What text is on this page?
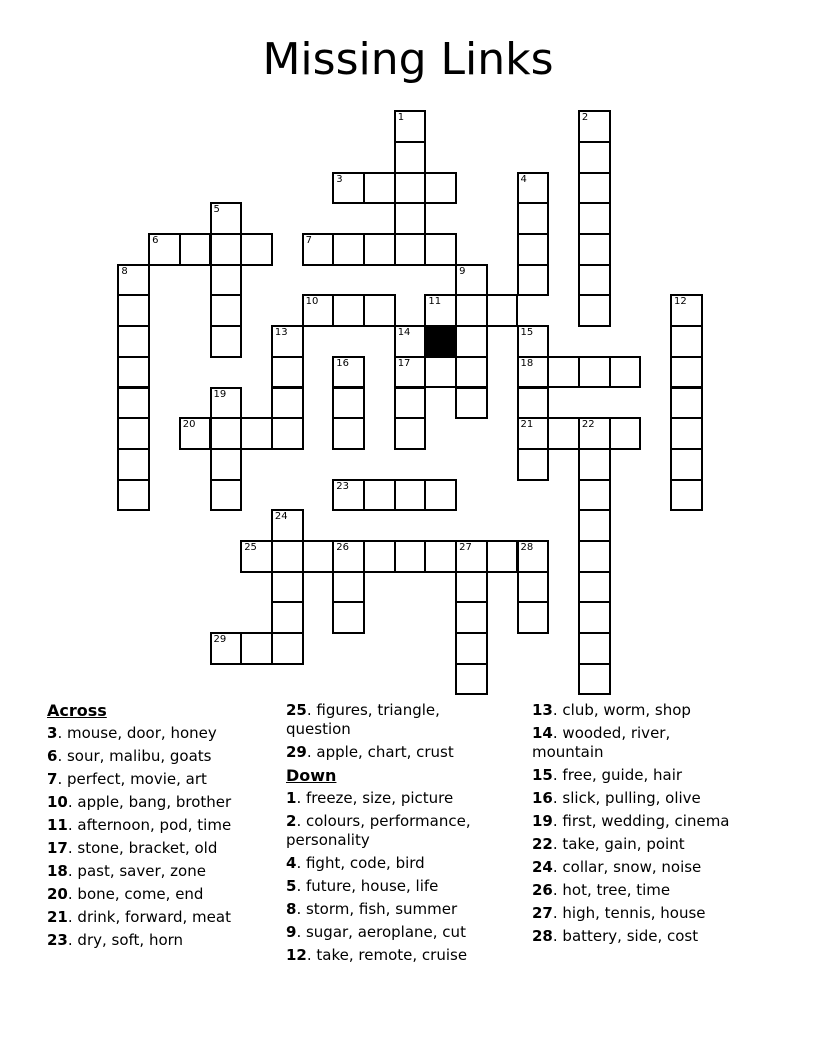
Missing Links
1	2
3	4
5
6	7
8	9
10	11	12
13	14	15
16	17	18
19
20	21	22
23
24
25	26	27	28
29
Across
3. mouse, door, honey
6. sour, malibu, goats
7. perfect, movie, art
10. apple, bang, brother
11. afternoon, pod, time
17. stone, bracket, old
18. past, saver, zone
20. bone, come, end
21. drink, forward, meat
23. dry, soft, horn
25. figures, triangle,
question
29. apple, chart, crust
Down
1. freeze, size, picture
2. colours, performance,
personality
4. fight, code, bird
5. future, house, life
8. storm, fish, summer
9. sugar, aeroplane, cut
12. take, remote, cruise
13. club, worm, shop
14. wooded, river,
mountain
15. free, guide, hair
16. slick, pulling, olive
19. first, wedding, cinema
22. take, gain, point
24. collar, snow, noise
26. hot, tree, time
27. high, tennis, house
28. battery, side, cost
